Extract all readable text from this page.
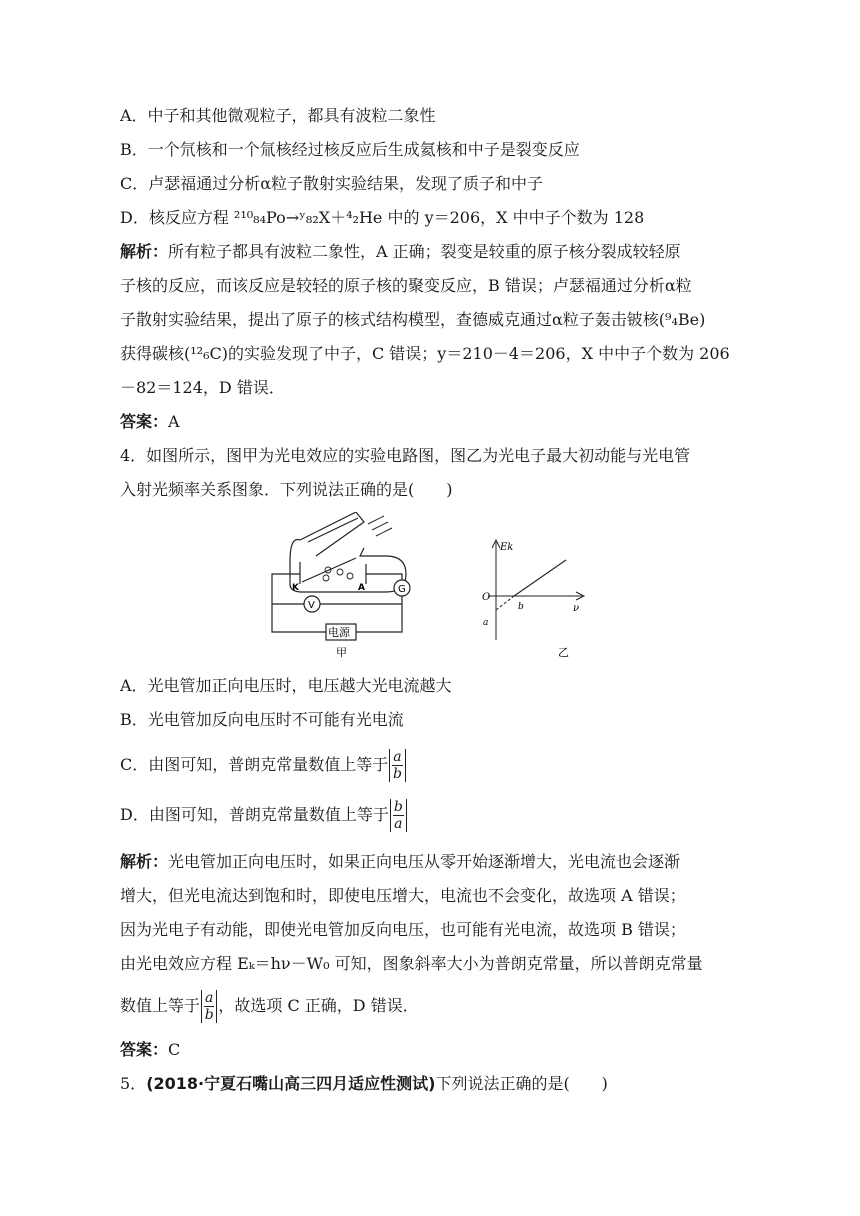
A．中子和其他微观粒子，都具有波粒二象性
B．一个氘核和一个氚核经过核反应后生成氦核和中子是裂变反应
C．卢瑟福通过分析α粒子散射实验结果，发现了质子和中子
D．核反应方程 ²¹⁰₈₄Po→ʸ₈₂X＋⁴₂He 中的 y＝206，X 中中子个数为 128
解析：所有粒子都具有波粒二象性，A 正确；裂变是较重的原子核分裂成较轻原
子核的反应，而该反应是较轻的原子核的聚变反应，B 错误；卢瑟福通过分析α粒
子散射实验结果，提出了原子的核式结构模型，查德威克通过α粒子轰击铍核(⁹₄Be)
获得碳核(¹²₆C)的实验发现了中子，C 错误；y＝210－4＝206，X 中中子个数为 206
－82＝124，D 错误．
答案：A
4．如图所示，图甲为光电效应的实验电路图，图乙为光电子最大初动能与光电管
入射光频率关系图象．下列说法正确的是(　　)
G
V
电源
K	A
甲
Ek
ν
O
a
b
乙
A．光电管加正向电压时，电压越大光电流越大
B．光电管加反向电压时不可能有光电流
C．由图可知，普朗克常量数值上等于 $\frac{a}{b}$
D．由图可知，普朗克常量数值上等于 $\frac{b}{a}$
解析：光电管加正向电压时，如果正向电压从零开始逐渐增大，光电流也会逐渐
增大，但光电流达到饱和时，即使电压增大，电流也不会变化，故选项 A 错误；
因为光电子有动能，即使光电管加反向电压，也可能有光电流，故选项 B 错误；
由光电效应方程 Eₖ＝hν－W₀ 可知，图象斜率大小为普朗克常量，所以普朗克常量
数值上等于 $\frac{a}{b}$ ，故选项 C 正确，D 错误．
答案：C
5．(2018·宁夏石嘴山高三四月适应性测试)下列说法正确的是(　　)
